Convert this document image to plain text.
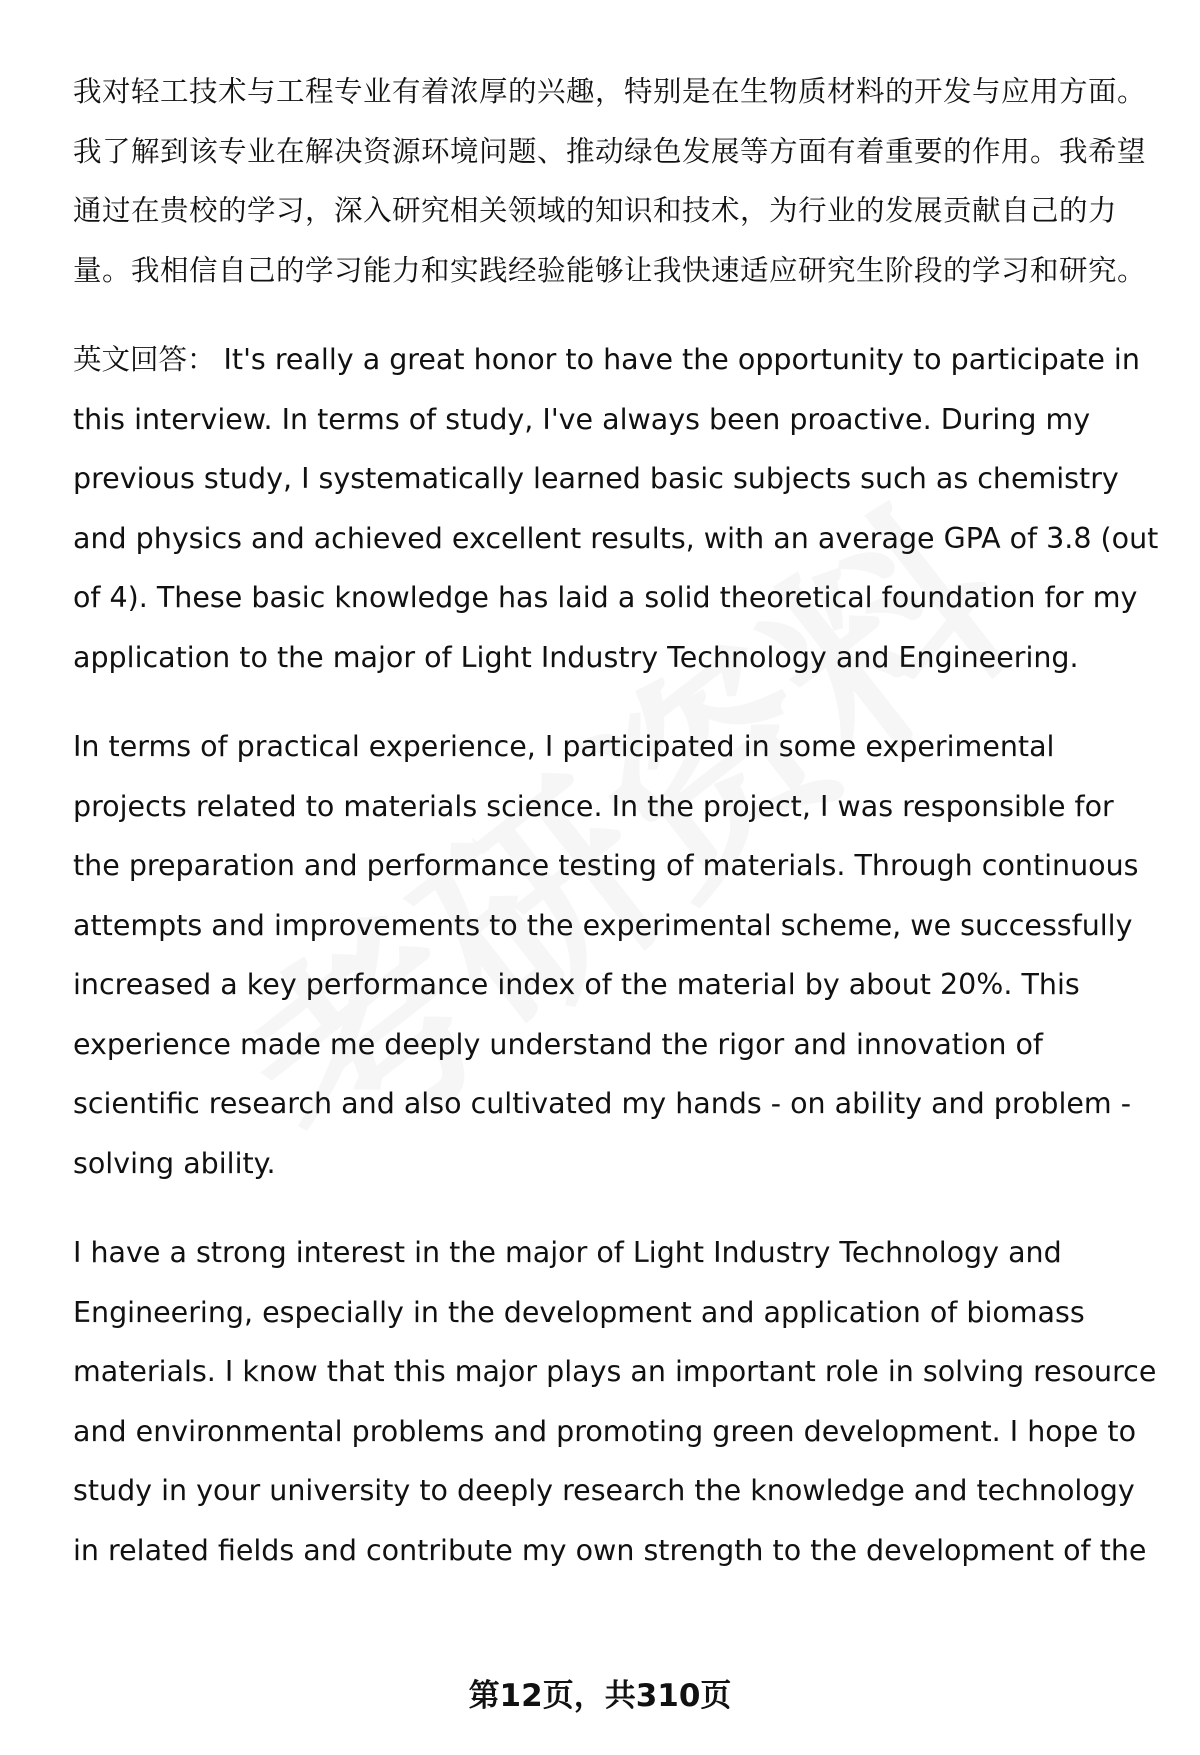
我对轻工技术与工程专业有着浓厚的兴趣，特别是在生物质材料的开发与应用方面。我了解到该专业在解决资源环境问题、推动绿色发展等方面有着重要的作用。我希望通过在贵校的学习，深入研究相关领域的知识和技术，为行业的发展贡献自己的力量。我相信自己的学习能力和实践经验能够让我快速适应研究生阶段的学习和研究。

英文回答： It's really a great honor to have the opportunity to participate in this interview. In terms of study, I've always been proactive. During my previous study, I systematically learned basic subjects such as chemistry and physics and achieved excellent results, with an average GPA of 3.8 (out of 4). These basic knowledge has laid a solid theoretical foundation for my application to the major of Light Industry Technology and Engineering.

In terms of practical experience, I participated in some experimental projects related to materials science. In the project, I was responsible for the preparation and performance testing of materials. Through continuous attempts and improvements to the experimental scheme, we successfully increased a key performance index of the material by about 20%. This experience made me deeply understand the rigor and innovation of scientific research and also cultivated my hands - on ability and problem - solving ability.

I have a strong interest in the major of Light Industry Technology and Engineering, especially in the development and application of biomass materials. I know that this major plays an important role in solving resource and environmental problems and promoting green development. I hope to study in your university to deeply research the knowledge and technology in related fields and contribute my own strength to the development of the

第12页，共310页
